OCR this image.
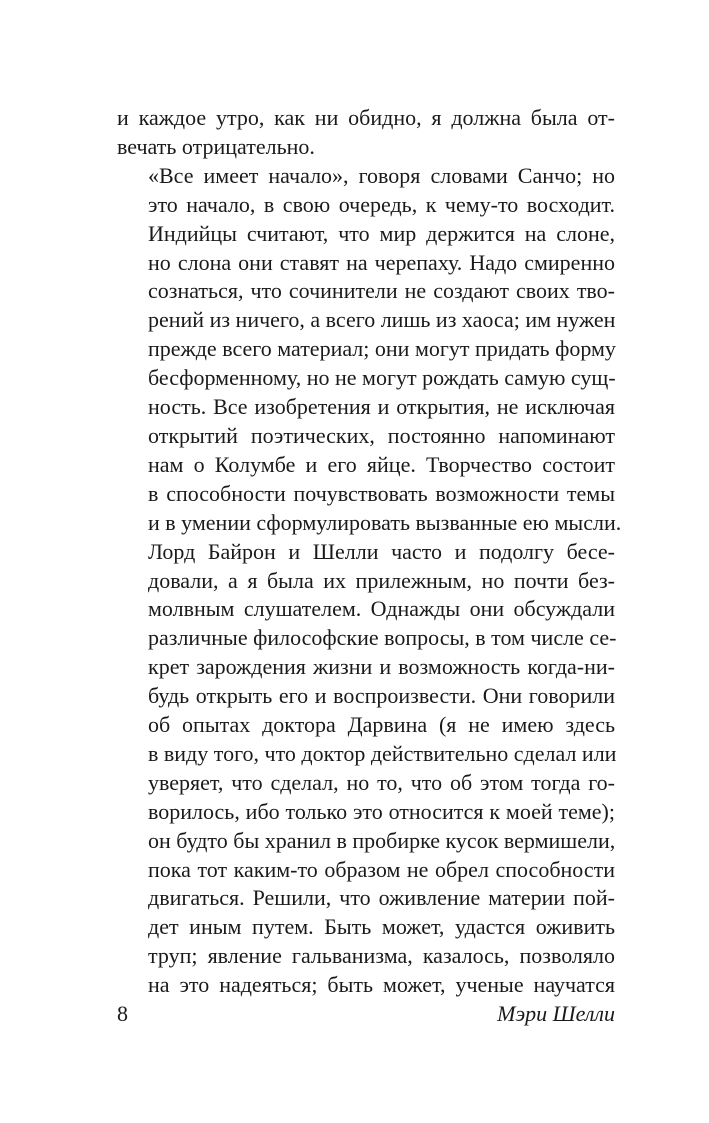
и каждое утро, как ни обидно, я должна была от-
вечать отрицательно.

«Все имеет начало», говоря словами Санчо; но
это начало, в свою очередь, к чему-то восходит.
Индийцы считают, что мир держится на слоне,
но слона они ставят на черепаху. Надо смиренно
сознаться, что сочинители не создают своих тво-
рений из ничего, а всего лишь из хаоса; им нужен
прежде всего материал; они могут придать форму
бесформенному, но не могут рождать самую сущ-
ность. Все изобретения и открытия, не исключая
открытий поэтических, постоянно напоминают
нам о Колумбе и его яйце. Творчество состоит
в способности почувствовать возможности темы
и в умении сформулировать вызванные ею мысли.

Лорд Байрон и Шелли часто и подолгу бесе-
довали, а я была их прилежным, но почти без-
молвным слушателем. Однажды они обсуждали
различные философские вопросы, в том числе се-
крет зарождения жизни и возможность когда-ни-
будь открыть его и воспроизвести. Они говорили
об опытах доктора Дарвина (я не имею здесь
в виду того, что доктор действительно сделал или
уверяет, что сделал, но то, что об этом тогда го-
ворилось, ибо только это относится к моей теме);
он будто бы хранил в пробирке кусок вермишели,
пока тот каким-то образом не обрел способности
двигаться. Решили, что оживление материи пой-
дет иным путем. Быть может, удастся оживить
труп; явление гальванизма, казалось, позволяло
на это надеяться; быть может, ученые научатся

8	Мэри Шелли
